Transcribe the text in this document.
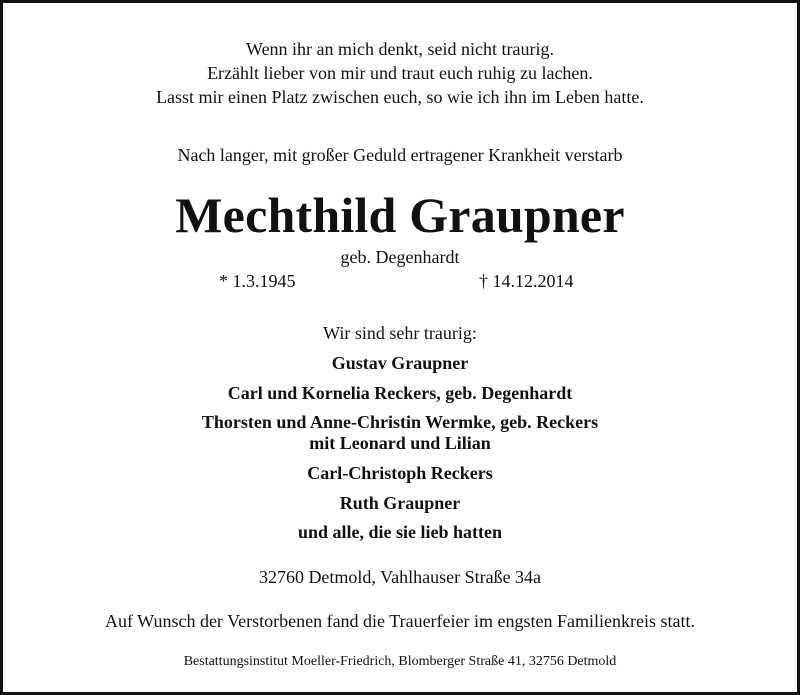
Wenn ihr an mich denkt, seid nicht traurig.
Erzählt lieber von mir und traut euch ruhig zu lachen.
Lasst mir einen Platz zwischen euch, so wie ich ihn im Leben hatte.
Nach langer, mit großer Geduld ertragener Krankheit verstarb
Mechthild Graupner
geb. Degenhardt
* 1.3.1945	† 14.12.2014
Wir sind sehr traurig:
Gustav Graupner
Carl und Kornelia Reckers, geb. Degenhardt
Thorsten und Anne-Christin Wermke, geb. Reckers
mit Leonard und Lilian
Carl-Christoph Reckers
Ruth Graupner
und alle, die sie lieb hatten
32760 Detmold, Vahlhauser Straße 34a
Auf Wunsch der Verstorbenen fand die Trauerfeier im engsten Familienkreis statt.
Bestattungsinstitut Moeller-Friedrich, Blomberger Straße 41, 32756 Detmold
